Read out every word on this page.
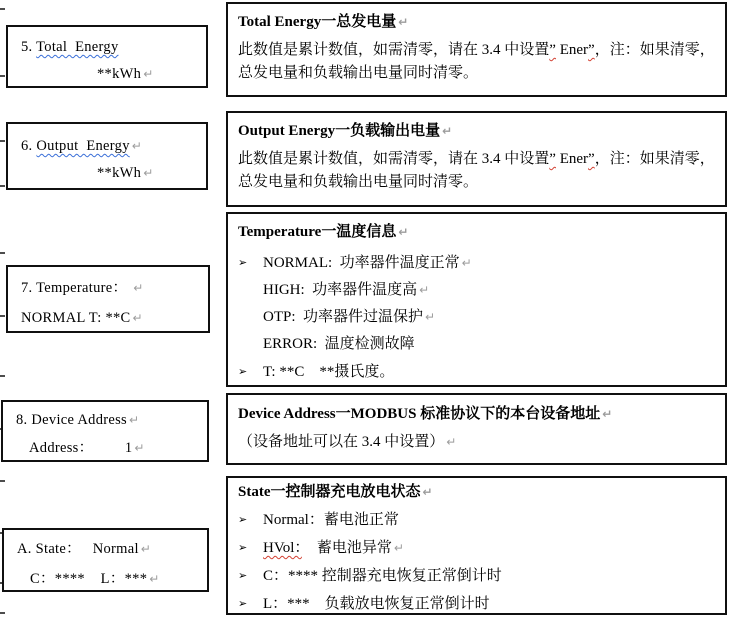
5. Total  Energy
**kWh ↵
6. Output  Energy ↵
**kWh ↵
7. Temperature： ↵
NORMAL T: **C ↵
8. Device Address ↵
Address：        1 ↵
A. State：   Normal ↵
C：****    L：*** ↵
Total Energy一总发电量 ↵
此数值是累计数值，如需清零，请在 3.4 中设置” Ener”，注：如果清零，总发电量和负载输出电量同时清零。
Output Energy一负载输出电量 ↵
此数值是累计数值，如需清零，请在 3.4 中设置” Ener”，注：如果清零，总发电量和负载输出电量同时清零。
Temperature一温度信息 ↵
➢ NORMAL:  功率器件温度正常 ↵
HIGH:  功率器件温度高 ↵
OTP:  功率器件过温保护 ↵
ERROR:  温度检测故障
➢ T: **C    **摄氏度。
Device Address一MODBUS 标准协议下的本台设备地址 ↵
（设备地址可以在 3.4 中设置） ↵
State一控制器充电放电状态 ↵
➢ Normal：蓄电池正常
➢ HVol：　蓄电池异常 ↵
➢ C：**** 控制器充电恢复正常倒计时
➢ L：***　负载放电恢复正常倒计时
